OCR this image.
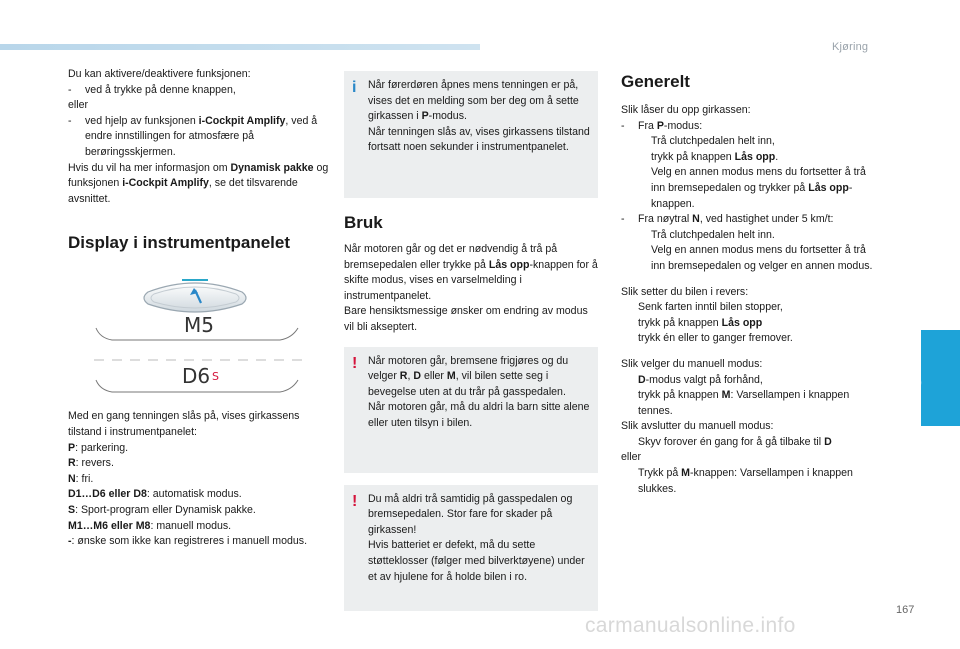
Kjøring
6
167
carmanualsonline.info

Du kan aktivere/deaktivere funksjonen:

-	ved å trykke på denne knappen,

eller

-	ved hjelp av funksjonen i-Cockpit Amplify, ved å endre innstillingen for atmosfære på berøringsskjermen.

Hvis du vil ha mer informasjon om Dynamisk pakke og funksjonen i-Cockpit Amplify, se det tilsvarende avsnittet.

Display i instrumentpanelet
M5
D6 S

Med en gang tenningen slås på, vises girkassens tilstand i instrumentpanelet:

P: parkering.

R: revers.

N: fri.

D1…D6 eller D8: automatisk modus.

S: Sport-program eller Dynamisk pakke.

M1…M6 eller M8: manuell modus.

-: ønske som ikke kan registreres i manuell modus.

i Når førerdøren åpnes mens tenningen er på, vises det en melding som ber deg om å sette girkassen i P-modus.

Når tenningen slås av, vises girkassens tilstand fortsatt noen sekunder i instrumentpanelet.

Bruk

Når motoren går og det er nødvendig å trå på bremsepedalen eller trykke på Lås opp-knappen for å skifte modus, vises en varselmelding i instrumentpanelet.

Bare hensiktsmessige ønsker om endring av modus vil bli akseptert.

! Når motoren går, bremsene frigjøres og du velger R, D eller M, vil bilen sette seg i bevegelse uten at du trår på gasspedalen.

Når motoren går, må du aldri la barn sitte alene eller uten tilsyn i bilen.

! Du må aldri trå samtidig på gasspedalen og bremsepedalen. Stor fare for skader på girkassen!

Hvis batteriet er defekt, må du sette støtteklosser (følger med bilverktøyene) under et av hjulene for å holde bilen i ro.

Generelt

Slik låser du opp girkassen:

-	Fra P-modus:
Trå clutchpedalen helt inn,
trykk på knappen Lås opp.
Velg en annen modus mens du fortsetter å trå inn bremsepedalen og trykker på Lås opp-knappen.
-	Fra nøytral N, ved hastighet under 5 km/t:
Trå clutchpedalen helt inn.
Velg en annen modus mens du fortsetter å trå inn bremsepedalen og velger en annen modus.

Slik setter du bilen i revers:

Senk farten inntil bilen stopper,
trykk på knappen Lås opp
trykk én eller to ganger fremover.

Slik velger du manuell modus:

D-modus valgt på forhånd,
trykk på knappen M: Varsellampen i knappen tennes.

Slik avslutter du manuell modus:

Skyv forover én gang for å gå tilbake til D

eller

Trykk på M-knappen: Varsellampen i knappen slukkes.
